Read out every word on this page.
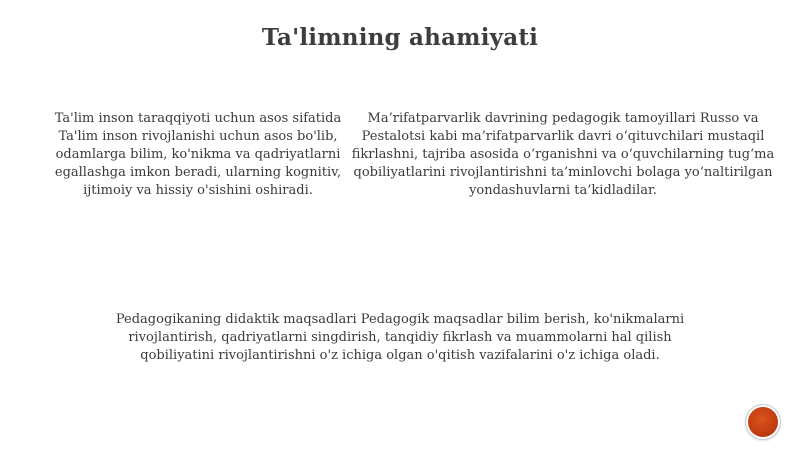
Ta'limning ahamiyati
Ta'lim inson taraqqiyoti uchun asos sifatida Ta'lim inson rivojlanishi uchun asos bo'lib, odamlarga bilim, ko'nikma va qadriyatlarni egallashga imkon beradi, ularning kognitiv, ijtimoiy va hissiy o'sishini oshiradi.
Ma’rifatparvarlik davrining pedagogik tamoyillari Russo va Pestalotsi kabi ma’rifatparvarlik davri o‘qituvchilari mustaqil fikrlashni, tajriba asosida o‘rganishni va o‘quvchilarning tug‘ma qobiliyatlarini rivojlantirishni ta’minlovchi bolaga yo‘naltirilgan yondashuvlarni ta’kidladilar.
Pedagogikaning didaktik maqsadlari Pedagogik maqsadlar bilim berish, ko'nikmalarni rivojlantirish, qadriyatlarni singdirish, tanqidiy fikrlash va muammolarni hal qilish qobiliyatini rivojlantirishni o'z ichiga olgan o'qitish vazifalarini o'z ichiga oladi.
